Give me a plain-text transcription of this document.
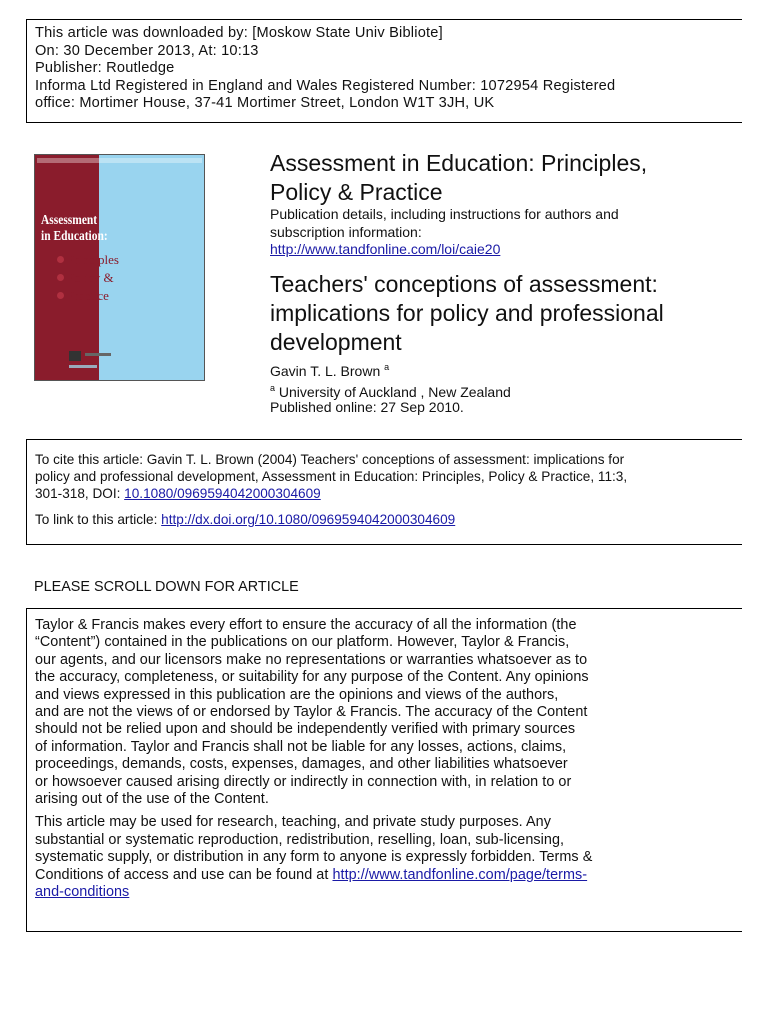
This article was downloaded by: [Moskow State Univ Bibliote]
On: 30 December 2013, At: 10:13
Publisher: Routledge
Informa Ltd Registered in England and Wales Registered Number: 1072954 Registered
office: Mortimer House, 37-41 Mortimer Street, London W1T 3JH, UK
Assessment
in Education:
Principles
Policy &
Practice
Assessment in Education: Principles,
Policy & Practice
Publication details, including instructions for authors and
subscription information:
http://www.tandfonline.com/loi/caie20
Teachers' conceptions of assessment:
implications for policy and professional
development
Gavin T. L. Brown $^a$
$^a$ University of Auckland , New Zealand
Published online: 27 Sep 2010.
To cite this article: Gavin T. L. Brown (2004) Teachers' conceptions of assessment: implications for
policy and professional development, Assessment in Education: Principles, Policy & Practice, 11:3,
301-318, DOI: 10.1080/0969594042000304609
To link to this article: http://dx.doi.org/10.1080/0969594042000304609
PLEASE SCROLL DOWN FOR ARTICLE
Taylor & Francis makes every effort to ensure the accuracy of all the information (the
“Content”) contained in the publications on our platform. However, Taylor & Francis,
our agents, and our licensors make no representations or warranties whatsoever as to
the accuracy, completeness, or suitability for any purpose of the Content. Any opinions
and views expressed in this publication are the opinions and views of the authors,
and are not the views of or endorsed by Taylor & Francis. The accuracy of the Content
should not be relied upon and should be independently verified with primary sources
of information. Taylor and Francis shall not be liable for any losses, actions, claims,
proceedings, demands, costs, expenses, damages, and other liabilities whatsoever
or howsoever caused arising directly or indirectly in connection with, in relation to or
arising out of the use of the Content.
This article may be used for research, teaching, and private study purposes. Any
substantial or systematic reproduction, redistribution, reselling, loan, sub-licensing,
systematic supply, or distribution in any form to anyone is expressly forbidden. Terms &
Conditions of access and use can be found at http://www.tandfonline.com/page/terms-
and-conditions
